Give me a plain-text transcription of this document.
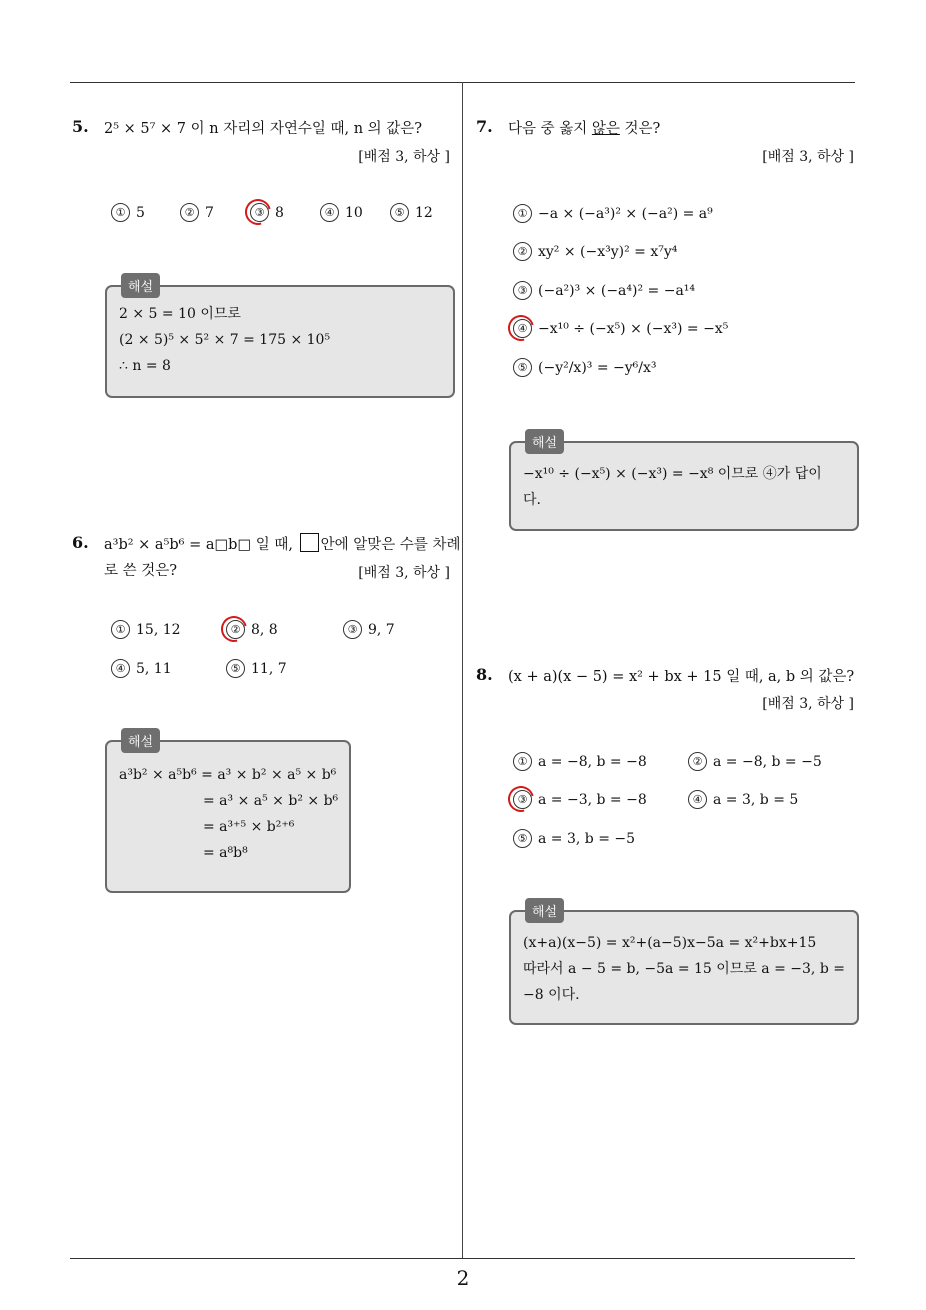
2
5. 2⁵ × 5⁷ × 7 이 n 자리의 자연수일 때, n 의 값은?
[배점 3, 하상 ]
① 5	② 7	③ 8	④ 10	⑤ 12
해설
2 × 5 = 10 이므로
(2 × 5)⁵ × 5² × 7 = 175 × 10⁵
∴ n = 8
6. a³b² × a⁵b⁶ = a□b□ 일 때, 안에 알맞은 수를 차례
로 쓴 것은?	[배점 3, 하상 ]
① 15, 12	② 8, 8	③ 9, 7
④ 5, 11	⑤ 11, 7
해설
a³b² × a⁵b⁶ = a³ × b² × a⁵ × b⁶
= a³ × a⁵ × b² × b⁶
= a³⁺⁵ × b²⁺⁶
= a⁸b⁸
7. 다음 중 옳지 않은 것은?
[배점 3, 하상 ]
① −a × (−a³)² × (−a²) = a⁹
② xy² × (−x³y)² = x⁷y⁴
③ (−a²)³ × (−a⁴)² = −a¹⁴
④ −x¹⁰ ÷ (−x⁵) × (−x³) = −x⁵
⑤ (−y²/x)³ = −y⁶/x³
해설
−x¹⁰ ÷ (−x⁵) × (−x³) = −x⁸ 이므로 ④가 답이
다.
8. (x + a)(x − 5) = x² + bx + 15 일 때, a, b 의 값은?
[배점 3, 하상 ]
① a = −8, b = −8	② a = −8, b = −5
③ a = −3, b = −8	④ a = 3, b = 5
⑤ a = 3, b = −5
해설
(x+a)(x−5) = x²+(a−5)x−5a = x²+bx+15
따라서 a − 5 = b, −5a = 15 이므로 a = −3, b =
−8 이다.
